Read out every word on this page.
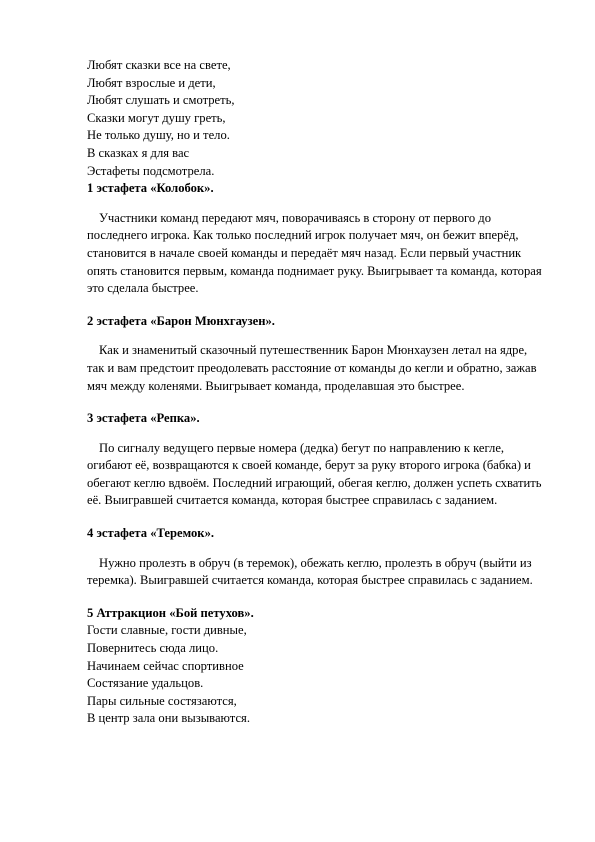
Любят сказки все на свете,
Любят взрослые и дети,
Любят слушать и смотреть,
Сказки могут душу греть,
Не только душу, но и тело.
В сказках я для вас
Эстафеты подсмотрела.
1 эстафета «Колобок».
Участники команд передают мяч, поворачиваясь в сторону от первого до последнего игрока. Как только последний игрок получает мяч, он бежит вперёд, становится в начале своей команды и передаёт мяч назад. Если первый участник опять становится первым, команда поднимает руку. Выигрывает та команда, которая это сделала быстрее.
2 эстафета «Барон Мюнхгаузен».
Как и знаменитый сказочный путешественник Барон Мюнхаузен летал на ядре, так и вам предстоит преодолевать расстояние от команды до кегли и обратно, зажав мяч между коленями. Выигрывает команда, проделавшая это быстрее.
3 эстафета «Репка».
По сигналу ведущего первые номера (дедка) бегут по направлению к кегле, огибают её, возвращаются к своей команде, берут за руку второго игрока (бабка) и обегают кеглю вдвоём. Последний играющий, обегая кеглю, должен успеть схватить её. Выигравшей считается команда, которая быстрее справилась с заданием.
4 эстафета «Теремок».
Нужно пролезть в обруч (в теремок), обежать кеглю, пролезть в обруч (выйти из теремка). Выигравшей считается команда, которая быстрее справилась с заданием.
5 Аттракцион «Бой петухов».
Гости славные, гости дивные,
Повернитесь сюда лицо.
Начинаем сейчас спортивное
Состязание удальцов.
Пары сильные состязаются,
В центр зала они вызываются.
